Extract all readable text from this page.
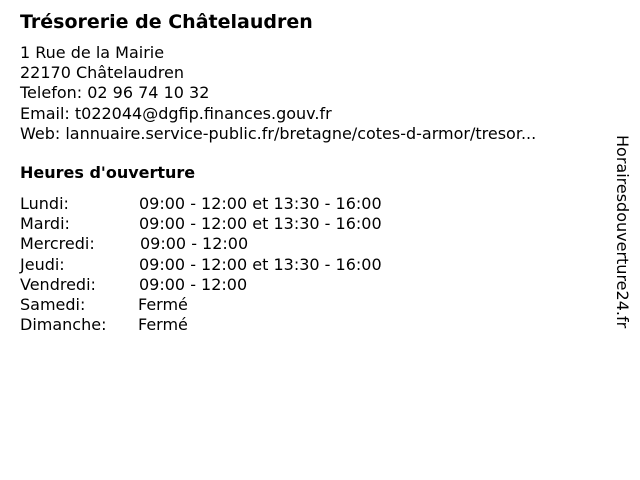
Trésorerie de Châtelaudren
1 Rue de la Mairie
22170 Châtelaudren
Telefon: 02 96 74 10 32
Email: t022044@dgfip.finances.gouv.fr
Web: lannuaire.service-public.fr/bretagne/cotes-d-armor/tresor...
Heures d'ouverture
Lundi:	09:00 - 12:00 et 13:30 - 16:00
Mardi:	09:00 - 12:00 et 13:30 - 16:00
Mercredi:	09:00 - 12:00
Jeudi:	09:00 - 12:00 et 13:30 - 16:00
Vendredi:	09:00 - 12:00
Samedi:	Fermé
Dimanche: Fermé	Horairesdouverture24.fr
